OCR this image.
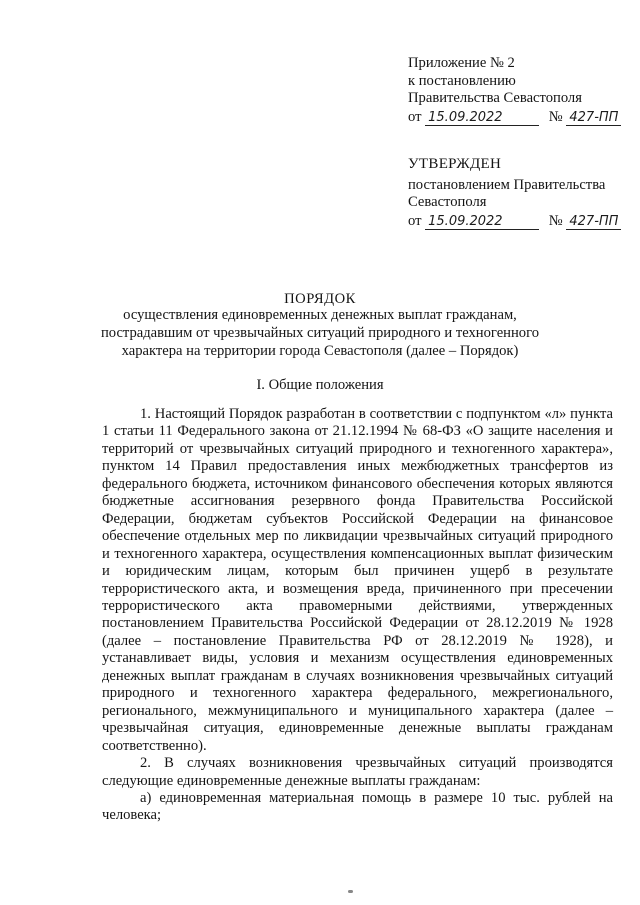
Приложение № 2
к постановлению
Правительства Севастополя
от 15.09.2022	№ 427-ПП
УТВЕРЖДЕН
постановлением Правительства
Севастополя
от 15.09.2022	№ 427-ПП
ПОРЯДОК
осуществления единовременных денежных выплат гражданам, пострадавшим от чрезвычайных ситуаций природного и техногенного характера на территории города Севастополя (далее – Порядок)
I. Общие положения

1. Настоящий Порядок разработан в соответствии с подпунктом «л» пункта 1 статьи 11 Федерального закона от 21.12.1994 № 68-ФЗ «О защите населения и территорий от чрезвычайных ситуаций природного и техногенного характера», пунктом 14 Правил предоставления иных межбюджетных трансфертов из федерального бюджета, источником финансового обеспечения которых являются бюджетные ассигнования резервного фонда Правительства Российской Федерации, бюджетам субъектов Российской Федерации на финансовое обеспечение отдельных мер по ликвидации чрезвычайных ситуаций природного и техногенного характера, осуществления компенсационных выплат физическим и юридическим лицам, которым был причинен ущерб в результате террористического акта, и возмещения вреда, причиненного при пресечении террористического акта правомерными действиями, утвержденных постановлением Правительства Российской Федерации от 28.12.2019 № 1928 (далее – постановление Правительства РФ от 28.12.2019 № 1928), и устанавливает виды, условия и механизм осуществления единовременных денежных выплат гражданам в случаях возникновения чрезвычайных ситуаций природного и техногенного характера федерального, межрегионального, регионального, межмуниципального и муниципального характера (далее – чрезвычайная ситуация, единовременные денежные выплаты гражданам соответственно).

2. В случаях возникновения чрезвычайных ситуаций производятся следующие единовременные денежные выплаты гражданам:

а) единовременная материальная помощь в размере 10 тыс. рублей на человека;
